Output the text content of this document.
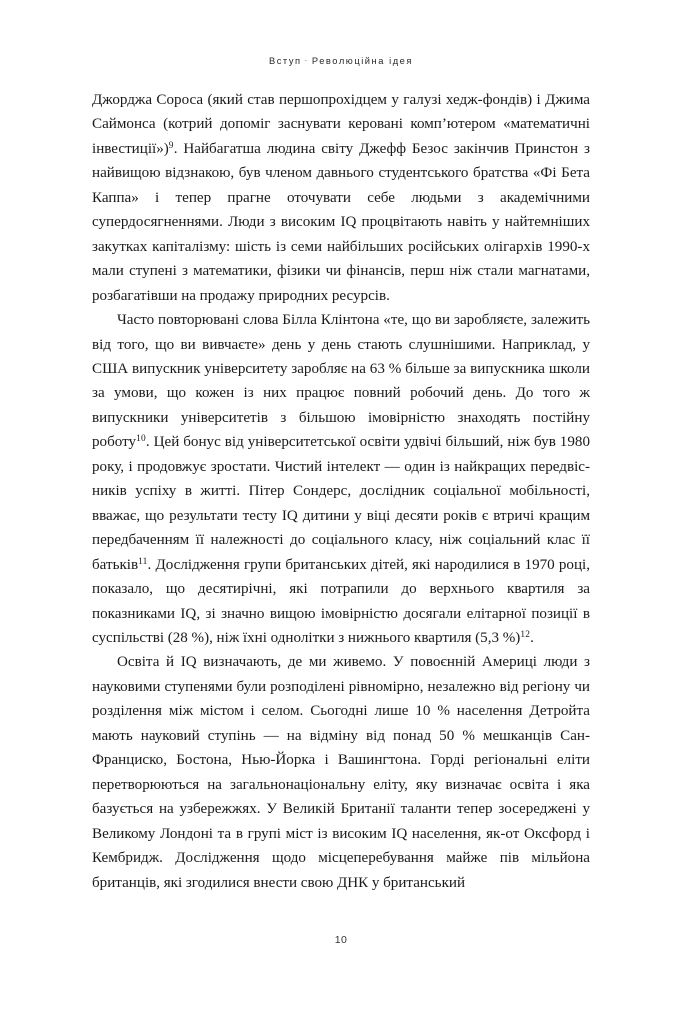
Вступ · Революційна ідея

Джорджа Сороса (який став першопрохідцем у галузі хедж-фондів) і Джима Саймонса (котрий допоміг заснувати керовані комп’ютером «математичні інвестиції»)$^9$. Найбагатша людина світу Джефф Безос закінчив Принстон з найвищою відзнакою, був членом давнього студентського братства «Фі Бета Каппа» і тепер прагне оточувати себе людьми з академічними супердосягненнями. Люди з високим IQ процвітають навіть у найтемніших закутках капіталізму: шість із семи найбільших російських олігархів 1990-х мали ступені з математики, фізики чи фінансів, перш ніж стали магнатами, розбагатівши на продажу природних ресурсів.

Часто повторювані слова Білла Клінтона «те, що ви заробляєте, залежить від того, що ви вивчаєте» день у день стають слушнішими. Наприклад, у США випускник університету заробляє на 63 % більше за випускника школи за умови, що кожен із них працює повний робочий день. До того ж випускники університетів з більшою імовірністю знаходять постійну роботу$^{10}$. Цей бонус від університетської освіти удвічі більший, ніж був 1980 року, і продовжує зростати. Чистий інтелект — один із найкращих передвісників успіху в житті. Пітер Сондерс, дослідник соціальної мобільності, вважає, що результати тесту IQ дитини у віці десяти років є втричі кращим передбаченням її належності до соціального класу, ніж соціальний клас її батьків$^{11}$. Дослідження групи британських дітей, які народилися в 1970 році, показало, що десятирічні, які потрапили до верхнього квартиля за показниками IQ, зі значно вищою імовірністю досягали елітарної позиції в суспільстві (28 %), ніж їхні однолітки з нижнього квартиля (5,3 %)$^{12}$.

Освіта й IQ визначають, де ми живемо. У повоєнній Америці люди з науковими ступенями були розподілені рівномірно, незалежно від регіону чи розділення між містом і селом. Сьогодні лише 10 % населення Детройта мають науковий ступінь — на відміну від понад 50 % мешканців Сан-Франциско, Бостона, Нью-Йорка і Вашингтона. Горді регіональні еліти перетворюються на загальнонаціональну еліту, яку визначає освіта і яка базується на узбережжях. У Великій Британії таланти тепер зосереджені у Великому Лондоні та в групі міст із високим IQ населення, як-от Оксфорд і Кембридж. Дослідження щодо місцеперебування майже пів мільйона британців, які згодилися внести свою ДНК у британський

10
